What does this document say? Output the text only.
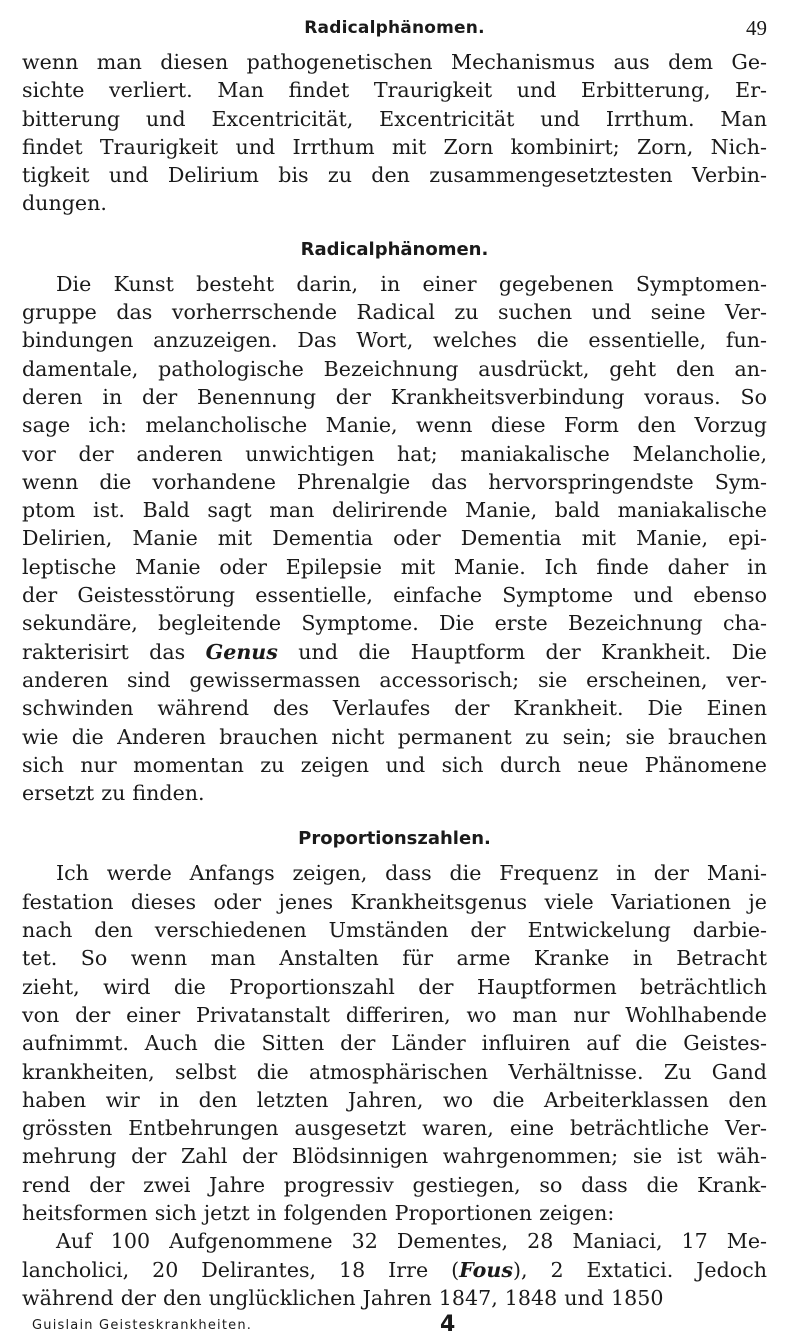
Radicalphänomen.	49
wenn man diesen pathogenetischen Mechanismus aus dem Ge-
sichte verliert. Man findet Traurigkeit und Erbitterung, Er-
bitterung und Excentricität, Excentricität und Irrthum. Man
findet Traurigkeit und Irrthum mit Zorn kombinirt; Zorn, Nich-
tigkeit und Delirium bis zu den zusammengesetztesten Verbin-
dungen.
Radicalphänomen.
Die Kunst besteht darin, in einer gegebenen Symptomen-
gruppe das vorherrschende Radical zu suchen und seine Ver-
bindungen anzuzeigen. Das Wort, welches die essentielle, fun-
damentale, pathologische Bezeichnung ausdrückt, geht den an-
deren in der Benennung der Krankheitsverbindung voraus. So
sage ich: melancholische Manie, wenn diese Form den Vorzug
vor der anderen unwichtigen hat; maniakalische Melancholie,
wenn die vorhandene Phrenalgie das hervorspringendste Sym-
ptom ist. Bald sagt man delirirende Manie, bald maniakalische
Delirien, Manie mit Dementia oder Dementia mit Manie, epi-
leptische Manie oder Epilepsie mit Manie. Ich finde daher in
der Geistesstörung essentielle, einfache Symptome und ebenso
sekundäre, begleitende Symptome. Die erste Bezeichnung cha-
rakterisirt das Genus und die Hauptform der Krankheit. Die
anderen sind gewissermassen accessorisch; sie erscheinen, ver-
schwinden während des Verlaufes der Krankheit. Die Einen
wie die Anderen brauchen nicht permanent zu sein; sie brauchen
sich nur momentan zu zeigen und sich durch neue Phänomene
ersetzt zu finden.
Proportionszahlen.
Ich werde Anfangs zeigen, dass die Frequenz in der Mani-
festation dieses oder jenes Krankheitsgenus viele Variationen je
nach den verschiedenen Umständen der Entwickelung darbie-
tet. So wenn man Anstalten für arme Kranke in Betracht
zieht, wird die Proportionszahl der Hauptformen beträchtlich
von der einer Privatanstalt differiren, wo man nur Wohlhabende
aufnimmt. Auch die Sitten der Länder influiren auf die Geistes-
krankheiten, selbst die atmosphärischen Verhältnisse. Zu Gand
haben wir in den letzten Jahren, wo die Arbeiterklassen den
grössten Entbehrungen ausgesetzt waren, eine beträchtliche Ver-
mehrung der Zahl der Blödsinnigen wahrgenommen; sie ist wäh-
rend der zwei Jahre progressiv gestiegen, so dass die Krank-
heitsformen sich jetzt in folgenden Proportionen zeigen:
Auf 100 Aufgenommene 32 Dementes, 28 Maniaci, 17 Me-
lancholici, 20 Delirantes, 18 Irre (Fous), 2 Extatici. Jedoch
während der den unglücklichen Jahren 1847, 1848 und 1850
Guislain Geisteskrankheiten.	4
